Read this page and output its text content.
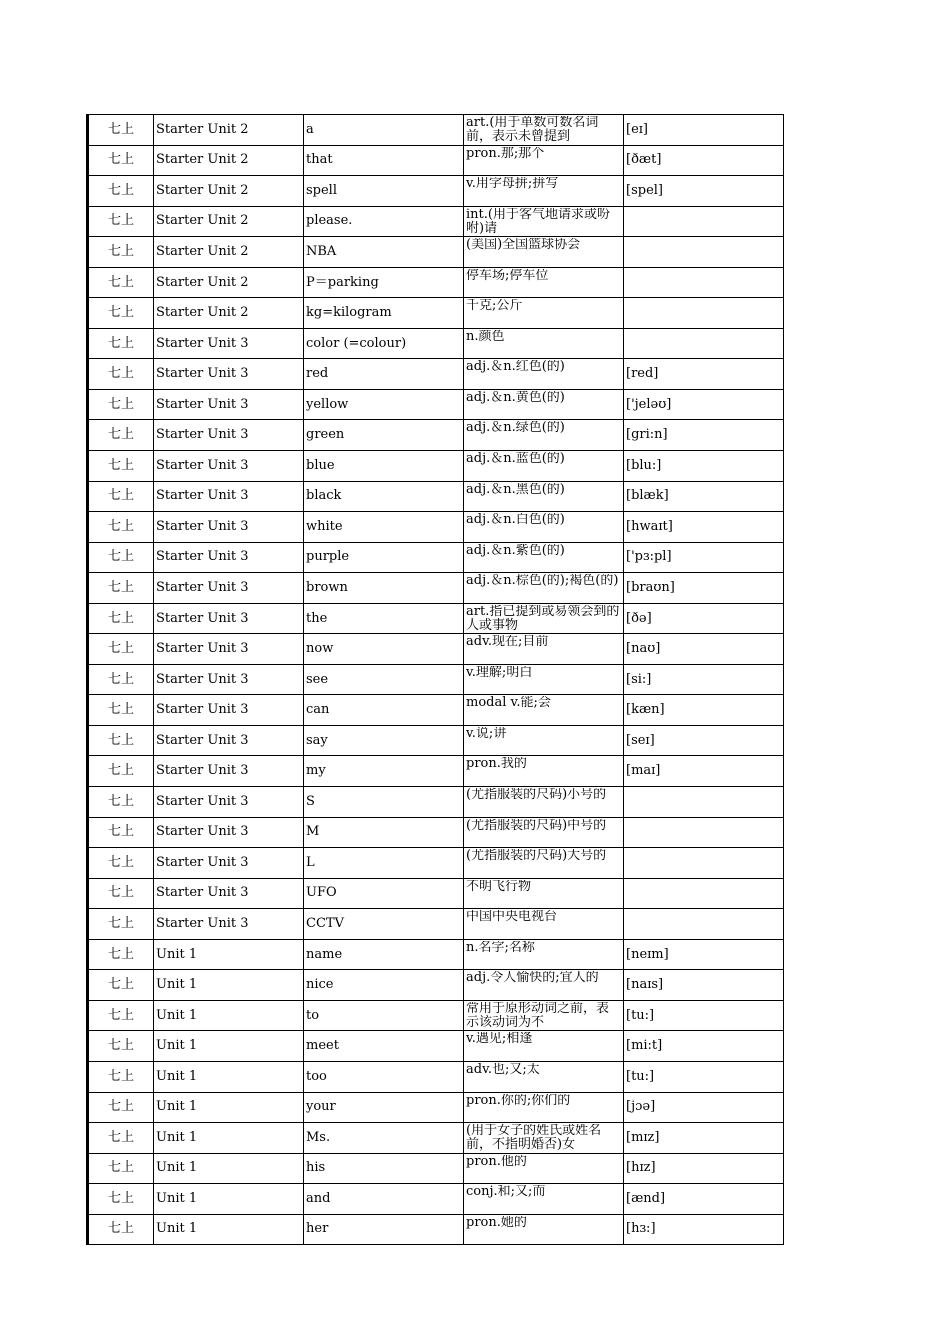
七上	Starter Unit 2	a	art.(用于单数可数名词前，表示未曾提到	[eɪ]
七上	Starter Unit 2	that	pron.那;那个	[ðæt]
七上	Starter Unit 2	spell	v.用字母拼;拼写	[spel]
七上	Starter Unit 2	please.	int.(用于客气地请求或吩咐)请	

七上	Starter Unit 2	NBA	(美国)全国篮球协会	

七上	Starter Unit 2	P＝parking	停车场;停车位	

七上	Starter Unit 2	kg=kilogram	千克;公斤	

七上	Starter Unit 3	color (=colour)	n.颜色	

七上	Starter Unit 3	red	adj.＆n.红色(的)	[red]
七上	Starter Unit 3	yellow	adj.＆n.黄色(的)	['jeləʊ]
七上	Starter Unit 3	green	adj.＆n.绿色(的)	[gri:n]
七上	Starter Unit 3	blue	adj.＆n.蓝色(的)	[blu:]
七上	Starter Unit 3	black	adj.＆n.黑色(的)	[blæk]
七上	Starter Unit 3	white	adj.＆n.白色(的)	[hwaɪt]
七上	Starter Unit 3	purple	adj.＆n.紫色(的)	['pɜ:pl]
七上	Starter Unit 3	brown	adj.＆n.棕色(的);褐色(的)	[braʊn]
七上	Starter Unit 3	the	art.指已提到或易领会到的人或事物	[ðə]
七上	Starter Unit 3	now	adv.现在;目前	[naʊ]
七上	Starter Unit 3	see	v.理解;明白	[si:]
七上	Starter Unit 3	can	modal v.能;会	[kæn]
七上	Starter Unit 3	say	v.说;讲	[seɪ]
七上	Starter Unit 3	my	pron.我的	[maɪ]
七上	Starter Unit 3	S	(尤指服装的尺码)小号的	

七上	Starter Unit 3	M	(尤指服装的尺码)中号的	

七上	Starter Unit 3	L	(尤指服装的尺码)大号的	

七上	Starter Unit 3	UFO	不明飞行物	

七上	Starter Unit 3	CCTV	中国中央电视台	

七上	Unit 1	name	n.名字;名称	[neɪm]
七上	Unit 1	nice	adj.令人愉快的;宜人的	[naɪs]
七上	Unit 1	to	常用于原形动词之前，表示该动词为不	[tu:]
七上	Unit 1	meet	v.遇见;相逢	[mi:t]
七上	Unit 1	too	adv.也;又;太	[tu:]
七上	Unit 1	your	pron.你的;你们的	[jɔə]
七上	Unit 1	Ms.	(用于女子的姓氏或姓名前，不指明婚否)女	[mɪz]
七上	Unit 1	his	pron.他的	[hɪz]
七上	Unit 1	and	conj.和;又;而	[ænd]
七上	Unit 1	her	pron.她的	[hɜ:]
